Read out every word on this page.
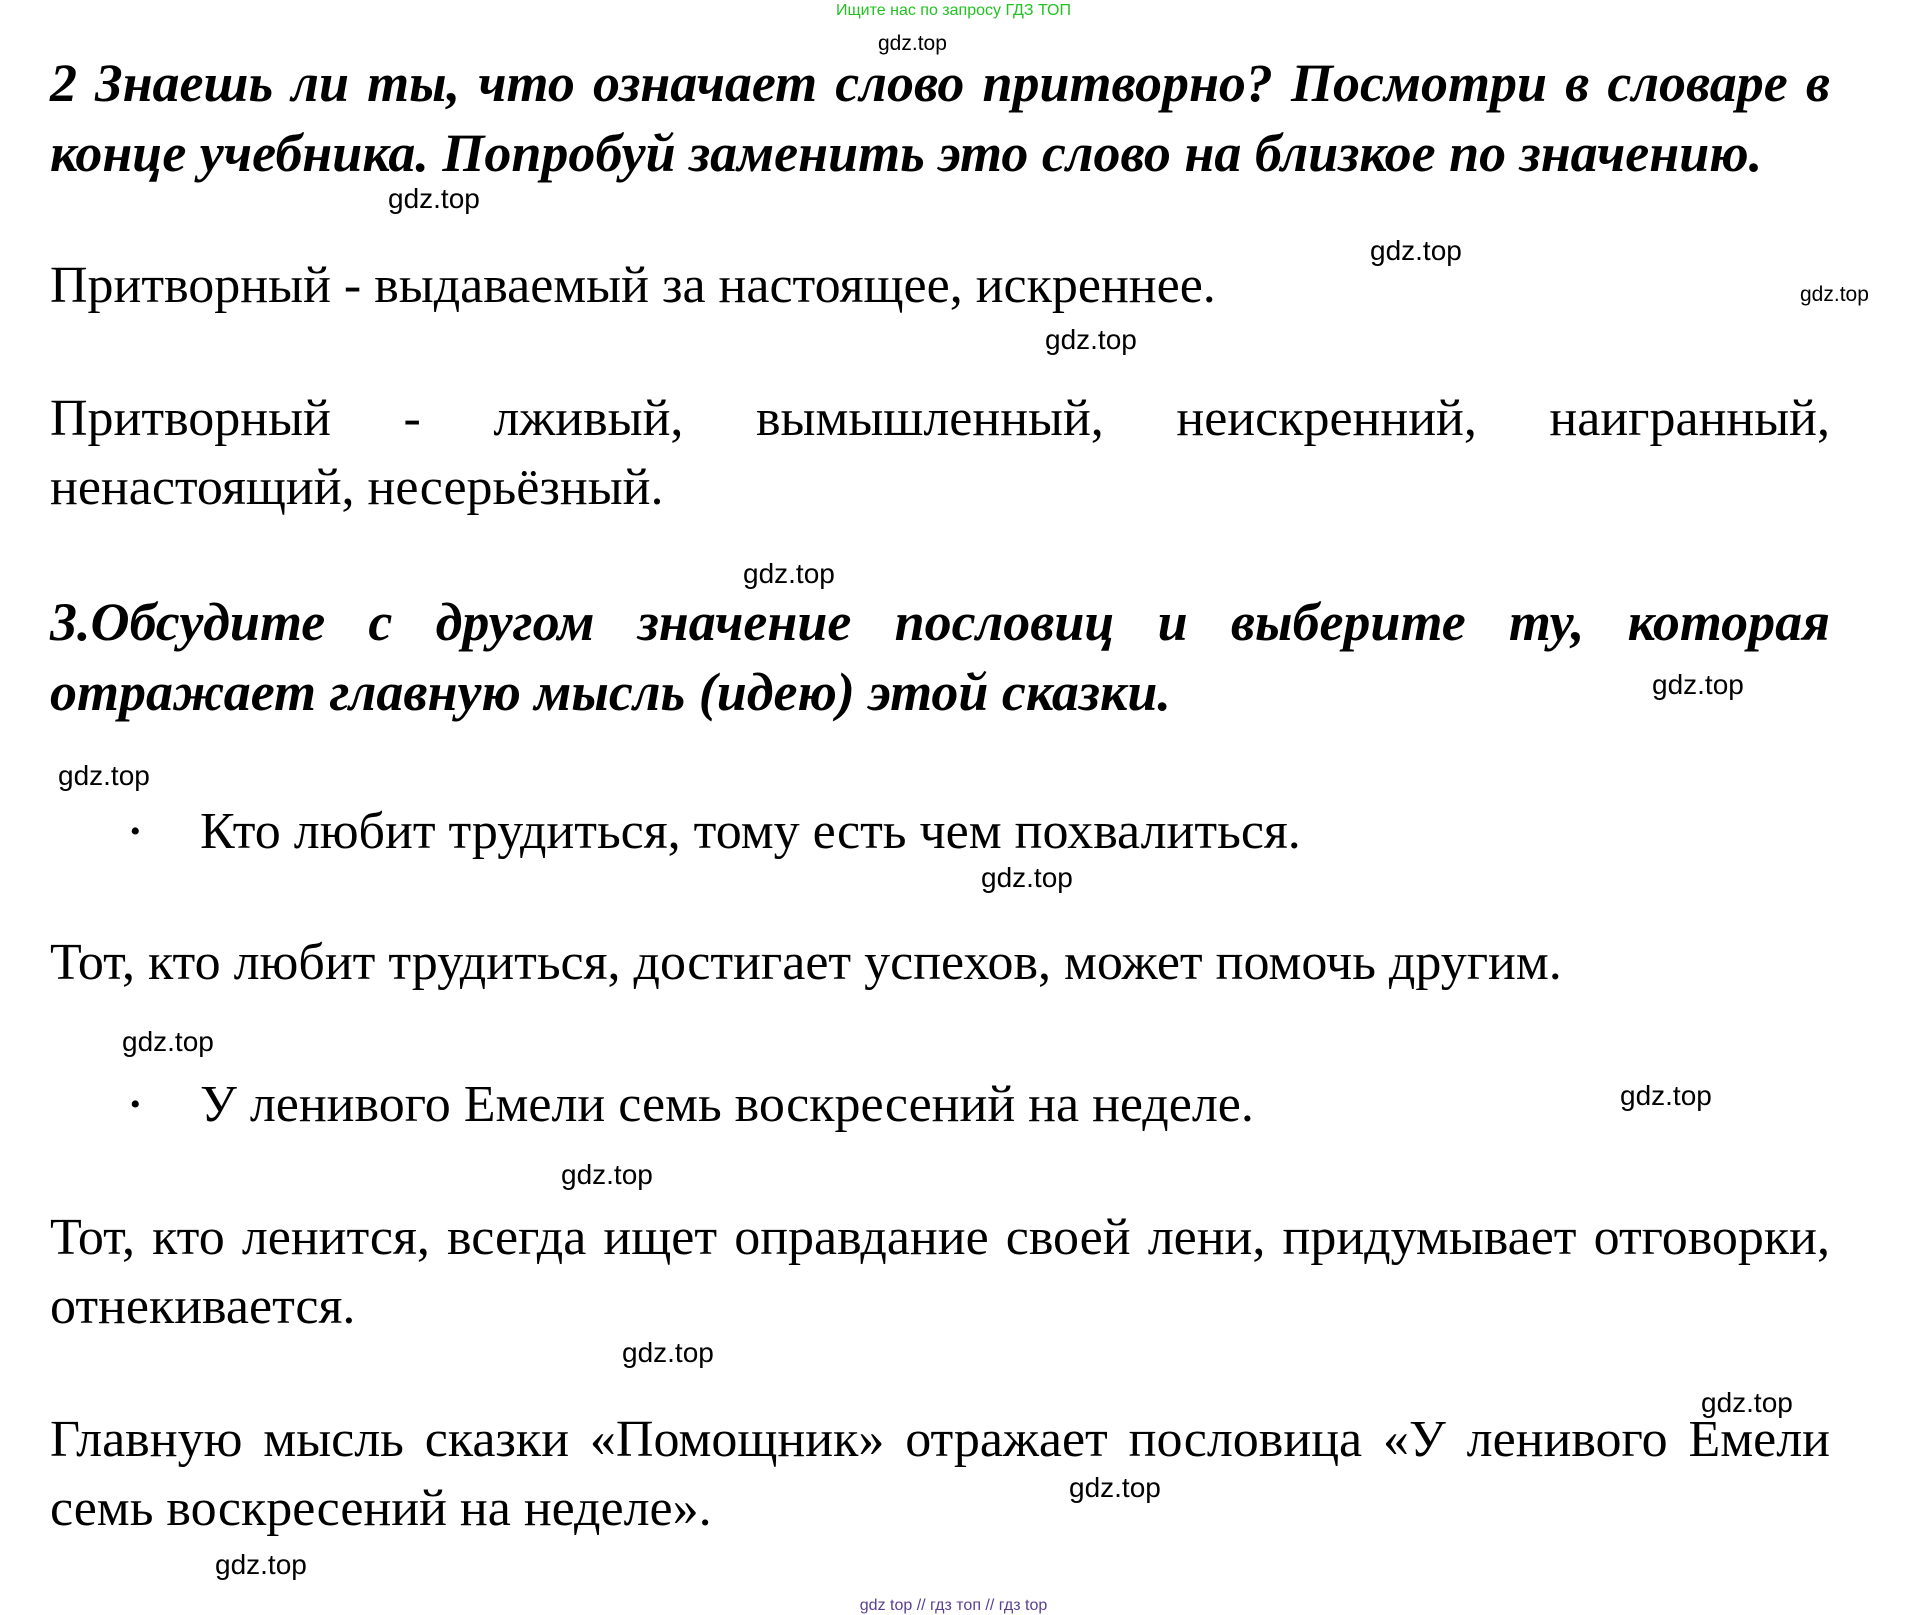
Ищите нас по запросу ГДЗ ТОП

2 Знаешь ли ты, что означает слово притворно? Посмотри в словаре в конце учебника. Попробуй заменить это слово на близкое по значению.

Притворный - выдаваемый за настоящее, искреннее.

Притворный - лживый, вымышленный, неискренний, наигранный, ненастоящий, несерьёзный.

3.Обсудите с другом значение пословиц и выберите ту, которая отражает главную мысль (идею) этой сказки.

• Кто любит трудиться, тому есть чем похвалиться.

Тот, кто любит трудиться, достигает успехов, может помочь другим.

• У ленивого Емели семь воскресений на неделе.

Тот, кто ленится, всегда ищет оправдание своей лени, придумывает отговорки, отнекивается.

Главную мысль сказки «Помощник» отражает пословица «У ленивого Емели семь воскресений на неделе».

gdz.top
gdz.top
gdz.top
gdz.top
gdz.top
gdz.top
gdz.top
gdz.top
gdz.top
gdz.top
gdz.top
gdz.top
gdz.top
gdz.top
gdz.top
gdz.top
gdz top // гдз топ // гдз top
